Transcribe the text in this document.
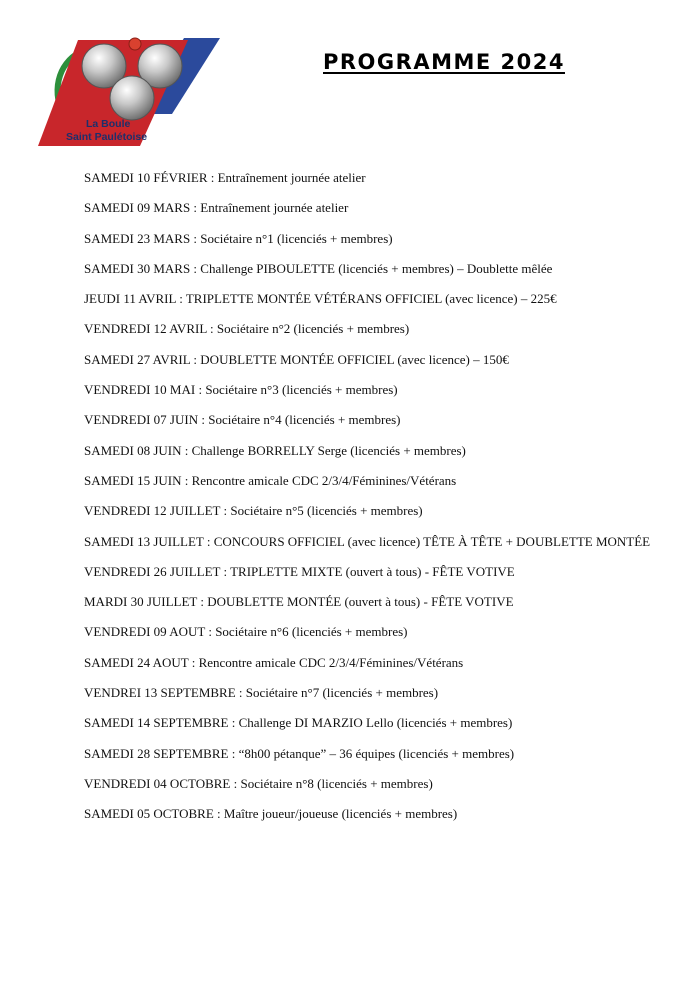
La Boule
Saint Paulétoise
PROGRAMME 2024
SAMEDI 10 FÉVRIER : Entraînement journée atelier
SAMEDI 09 MARS : Entraînement journée atelier
SAMEDI 23 MARS : Sociétaire n°1 (licenciés + membres)
SAMEDI 30 MARS : Challenge PIBOULETTE (licenciés + membres) – Doublette mêlée
JEUDI 11 AVRIL : TRIPLETTE MONTÉE VÉTÉRANS OFFICIEL (avec licence) – 225€
VENDREDI 12 AVRIL : Sociétaire n°2 (licenciés + membres)
SAMEDI 27 AVRIL : DOUBLETTE MONTÉE OFFICIEL (avec licence) – 150€
VENDREDI 10 MAI : Sociétaire n°3 (licenciés + membres)
VENDREDI 07 JUIN : Sociétaire n°4 (licenciés + membres)
SAMEDI 08 JUIN : Challenge BORRELLY Serge (licenciés + membres)
SAMEDI 15 JUIN : Rencontre amicale CDC 2/3/4/Féminines/Vétérans
VENDREDI 12 JUILLET : Sociétaire n°5 (licenciés + membres)
SAMEDI 13 JUILLET : CONCOURS OFFICIEL (avec licence) TÊTE À TÊTE + DOUBLETTE MONTÉE
VENDREDI 26 JUILLET : TRIPLETTE MIXTE (ouvert à tous) - FÊTE VOTIVE
MARDI 30 JUILLET : DOUBLETTE MONTÉE (ouvert à tous) - FÊTE VOTIVE
VENDREDI 09 AOUT : Sociétaire n°6 (licenciés + membres)
SAMEDI 24 AOUT : Rencontre amicale CDC 2/3/4/Féminines/Vétérans
VENDREI 13 SEPTEMBRE : Sociétaire n°7 (licenciés + membres)
SAMEDI 14 SEPTEMBRE : Challenge DI MARZIO Lello (licenciés + membres)
SAMEDI 28 SEPTEMBRE : “8h00 pétanque” – 36 équipes (licenciés + membres)
VENDREDI 04 OCTOBRE : Sociétaire n°8 (licenciés + membres)
SAMEDI 05 OCTOBRE : Maître joueur/joueuse (licenciés + membres)
